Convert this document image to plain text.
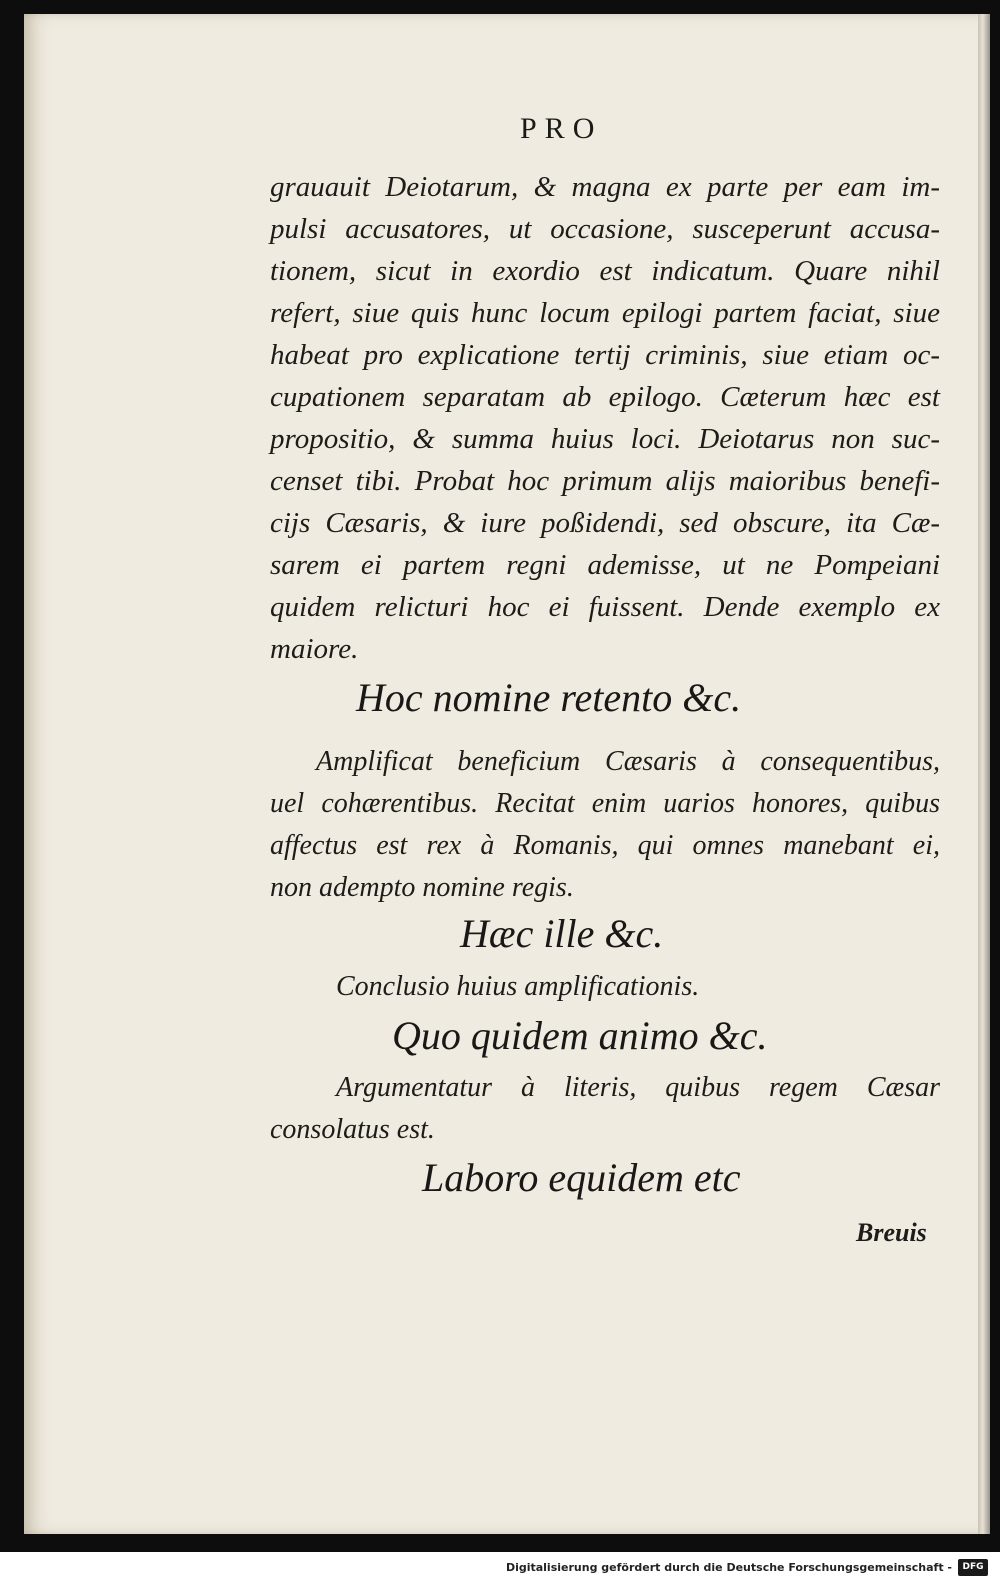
PRO
grauauit Deiotarum, & magna ex parte per eam im-
pulsi accusatores, ut occasione, susceperunt accusa-
tionem, sicut in exordio est indicatum. Quare nihil
refert, siue quis hunc locum epilogi partem faciat, siue
habeat pro explicatione tertij criminis, siue etiam oc-
cupationem separatam ab epilogo. Cæterum hæc est
propositio, & summa huius loci. Deiotarus non suc-
censet tibi. Probat hoc primum alijs maioribus benefi-
cijs Cæsaris, & iure poßidendi, sed obscure, ita Cæ-
sarem ei partem regni ademisse, ut ne Pompeiani
quidem relicturi hoc ei fuissent. Dende exemplo ex
maiore.
Hoc nomine retento &c.
Amplificat beneficium Cæsaris à consequentibus,
uel cohærentibus. Recitat enim uarios honores, quibus
affectus est rex à Romanis, qui omnes manebant ei,
non adempto nomine regis.
Hæc ille &c.
Conclusio huius amplificationis.
Quo quidem animo &c.
Argumentatur à literis, quibus regem Cæsar
consolatus est.
Laboro equidem etc
Breuis
Digitalisierung gefördert durch die Deutsche Forschungsgemeinschaft -	DFG
